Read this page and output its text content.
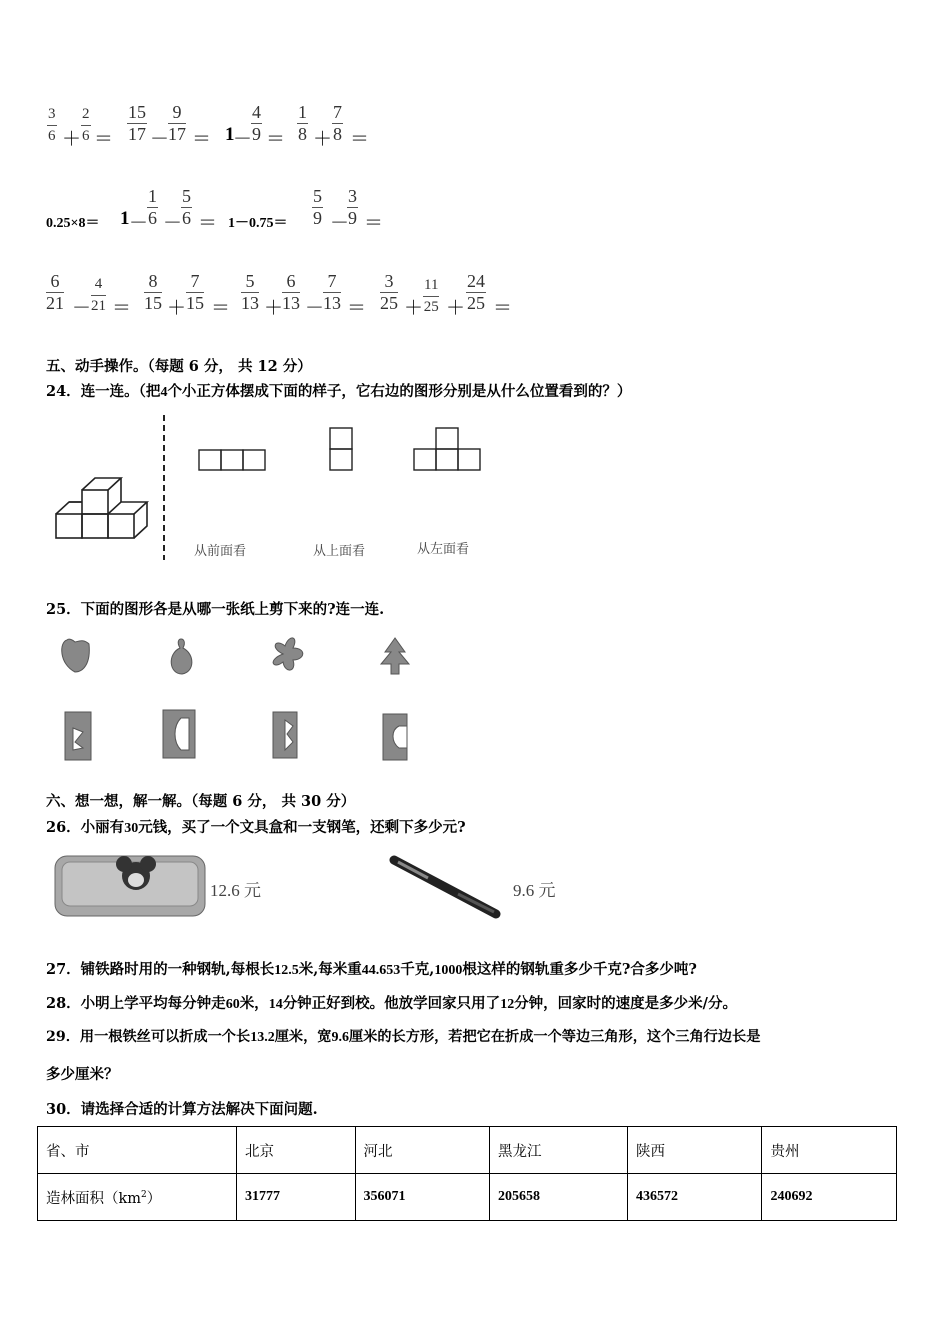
$\frac{3}{6} + \frac{2}{6} = \frac{15}{17}$ －
$\frac{9}{17} = 1$
－
$\frac{4}{9} = \frac{1}{8} + \frac{7}{8}$ ＝
0.25×8＝ 1 －
$\frac{1}{6}$ －
$\frac{5}{6} = 1-0.75= \frac{5}{9}$ －
$\frac{3}{9}$ ＝
$\frac{6}{21} - \frac{4}{21} = \frac{8}{15} + \frac{7}{15} = \frac{5}{13}$ ＋
$\frac{6}{13}$ －
$\frac{7}{13} = \frac{3}{25} + \frac{11}{25} + \frac{24}{25}$ ＝
五、动手操作。（每题 6 分， 共 12 分）
24．连一连。（把4个小正方体摆成下面的样子，它右边的图形分别是从什么位置看到的？）
从前面看	从上面看	从左面看
25．下面的图形各是从哪一张纸上剪下来的?连一连.
六、想一想，解一解。（每题 6 分， 共 30 分）
26．小丽有30元钱，买了一个文具盒和一支钢笔，还剩下多少元?
12.6 元	9.6 元
27．铺铁路时用的一种钢轨,每根长12.5米,每米重44.653千克,1000根这样的钢轨重多少千克?合多少吨?
28．小明上学平均每分钟走60米，14分钟正好到校。他放学回家只用了12分钟，回家时的速度是多少米/分。
29．用一根铁丝可以折成一个长13.2厘米，宽9.6厘米的长方形，若把它在折成一个等边三角形，这个三角行边长是
多少厘米？
30．请选择合适的计算方法解决下面问题.
省、市	北京	河北	黑龙江	陕西	贵州
造林面积$(km^2)$	31777	356071	205658	436572	240692
